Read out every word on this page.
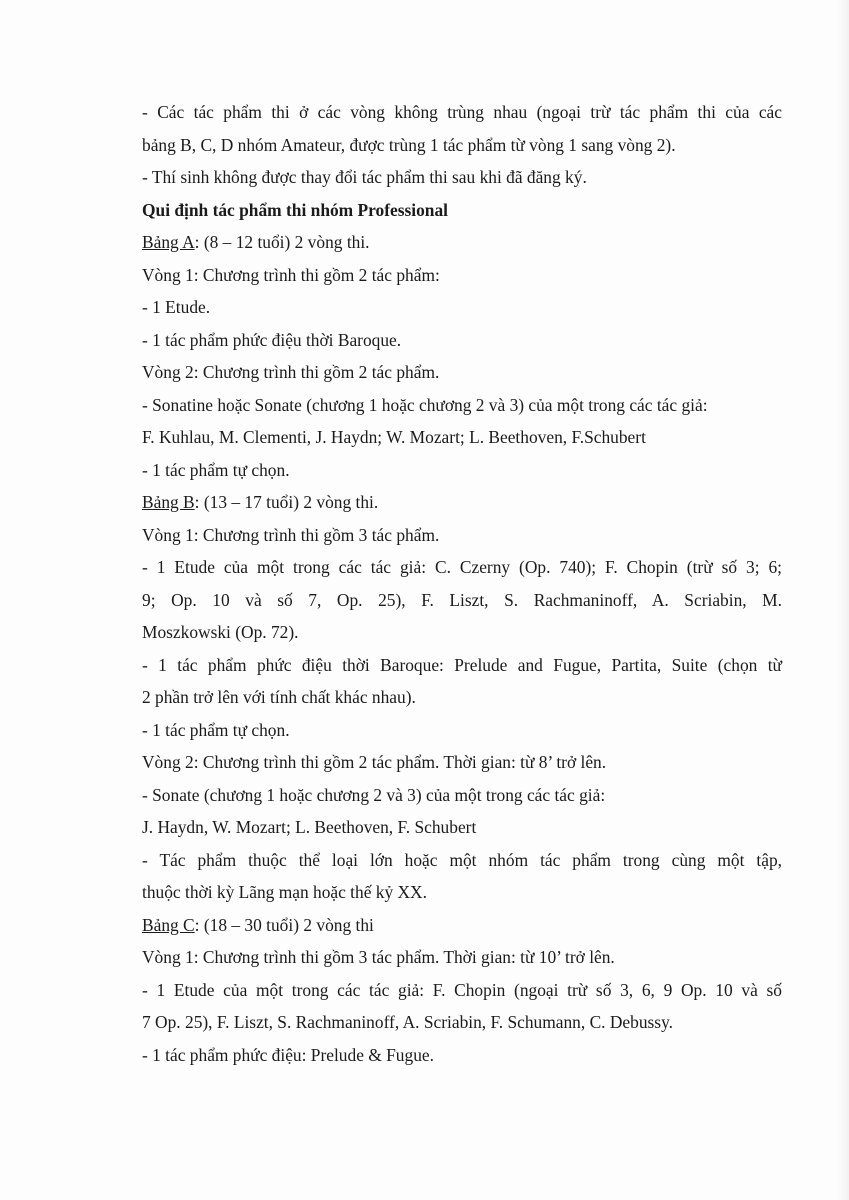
- Các tác phẩm thi ở các vòng không trùng nhau (ngoại trừ tác phẩm thi của các
bảng B, C, D nhóm Amateur, được trùng 1 tác phẩm từ vòng 1 sang vòng 2).
- Thí sinh không được thay đổi tác phẩm thi sau khi đã đăng ký.
Qui định tác phẩm thi nhóm Professional
Bảng A: (8 – 12 tuổi) 2 vòng thi.
Vòng 1: Chương trình thi gồm 2 tác phẩm:
- 1 Etude.
- 1 tác phẩm phức điệu thời Baroque.
Vòng 2: Chương trình thi gồm 2 tác phẩm.
- Sonatine hoặc Sonate (chương 1 hoặc chương 2 và 3) của một trong các tác giả:
F. Kuhlau, M. Clementi, J. Haydn; W. Mozart; L. Beethoven, F.Schubert
- 1 tác phẩm tự chọn.
Bảng B: (13 – 17 tuổi) 2 vòng thi.
Vòng 1: Chương trình thi gồm 3 tác phẩm.
- 1 Etude của một trong các tác giả: C. Czerny (Op. 740); F. Chopin (trừ số 3; 6;
9; Op. 10 và số 7, Op. 25), F. Liszt, S. Rachmaninoff, A. Scriabin, M.
Moszkowski (Op. 72).
- 1 tác phẩm phức điệu thời Baroque: Prelude and Fugue, Partita, Suite (chọn từ
2 phần trở lên với tính chất khác nhau).
- 1 tác phẩm tự chọn.
Vòng 2: Chương trình thi gồm 2 tác phẩm. Thời gian: từ 8’ trở lên.
- Sonate (chương 1 hoặc chương 2 và 3) của một trong các tác giả:
J. Haydn, W. Mozart; L. Beethoven, F. Schubert
- Tác phẩm thuộc thể loại lớn hoặc một nhóm tác phẩm trong cùng một tập,
thuộc thời kỳ Lãng mạn hoặc thế kỷ XX.
Bảng C: (18 – 30 tuổi) 2 vòng thi
Vòng 1: Chương trình thi gồm 3 tác phẩm. Thời gian: từ 10’ trở lên.
- 1 Etude của một trong các tác giả: F. Chopin (ngoại trừ số 3, 6, 9 Op. 10 và số
7 Op. 25), F. Liszt, S. Rachmaninoff, A. Scriabin, F. Schumann, C. Debussy.
- 1 tác phẩm phức điệu: Prelude & Fugue.
